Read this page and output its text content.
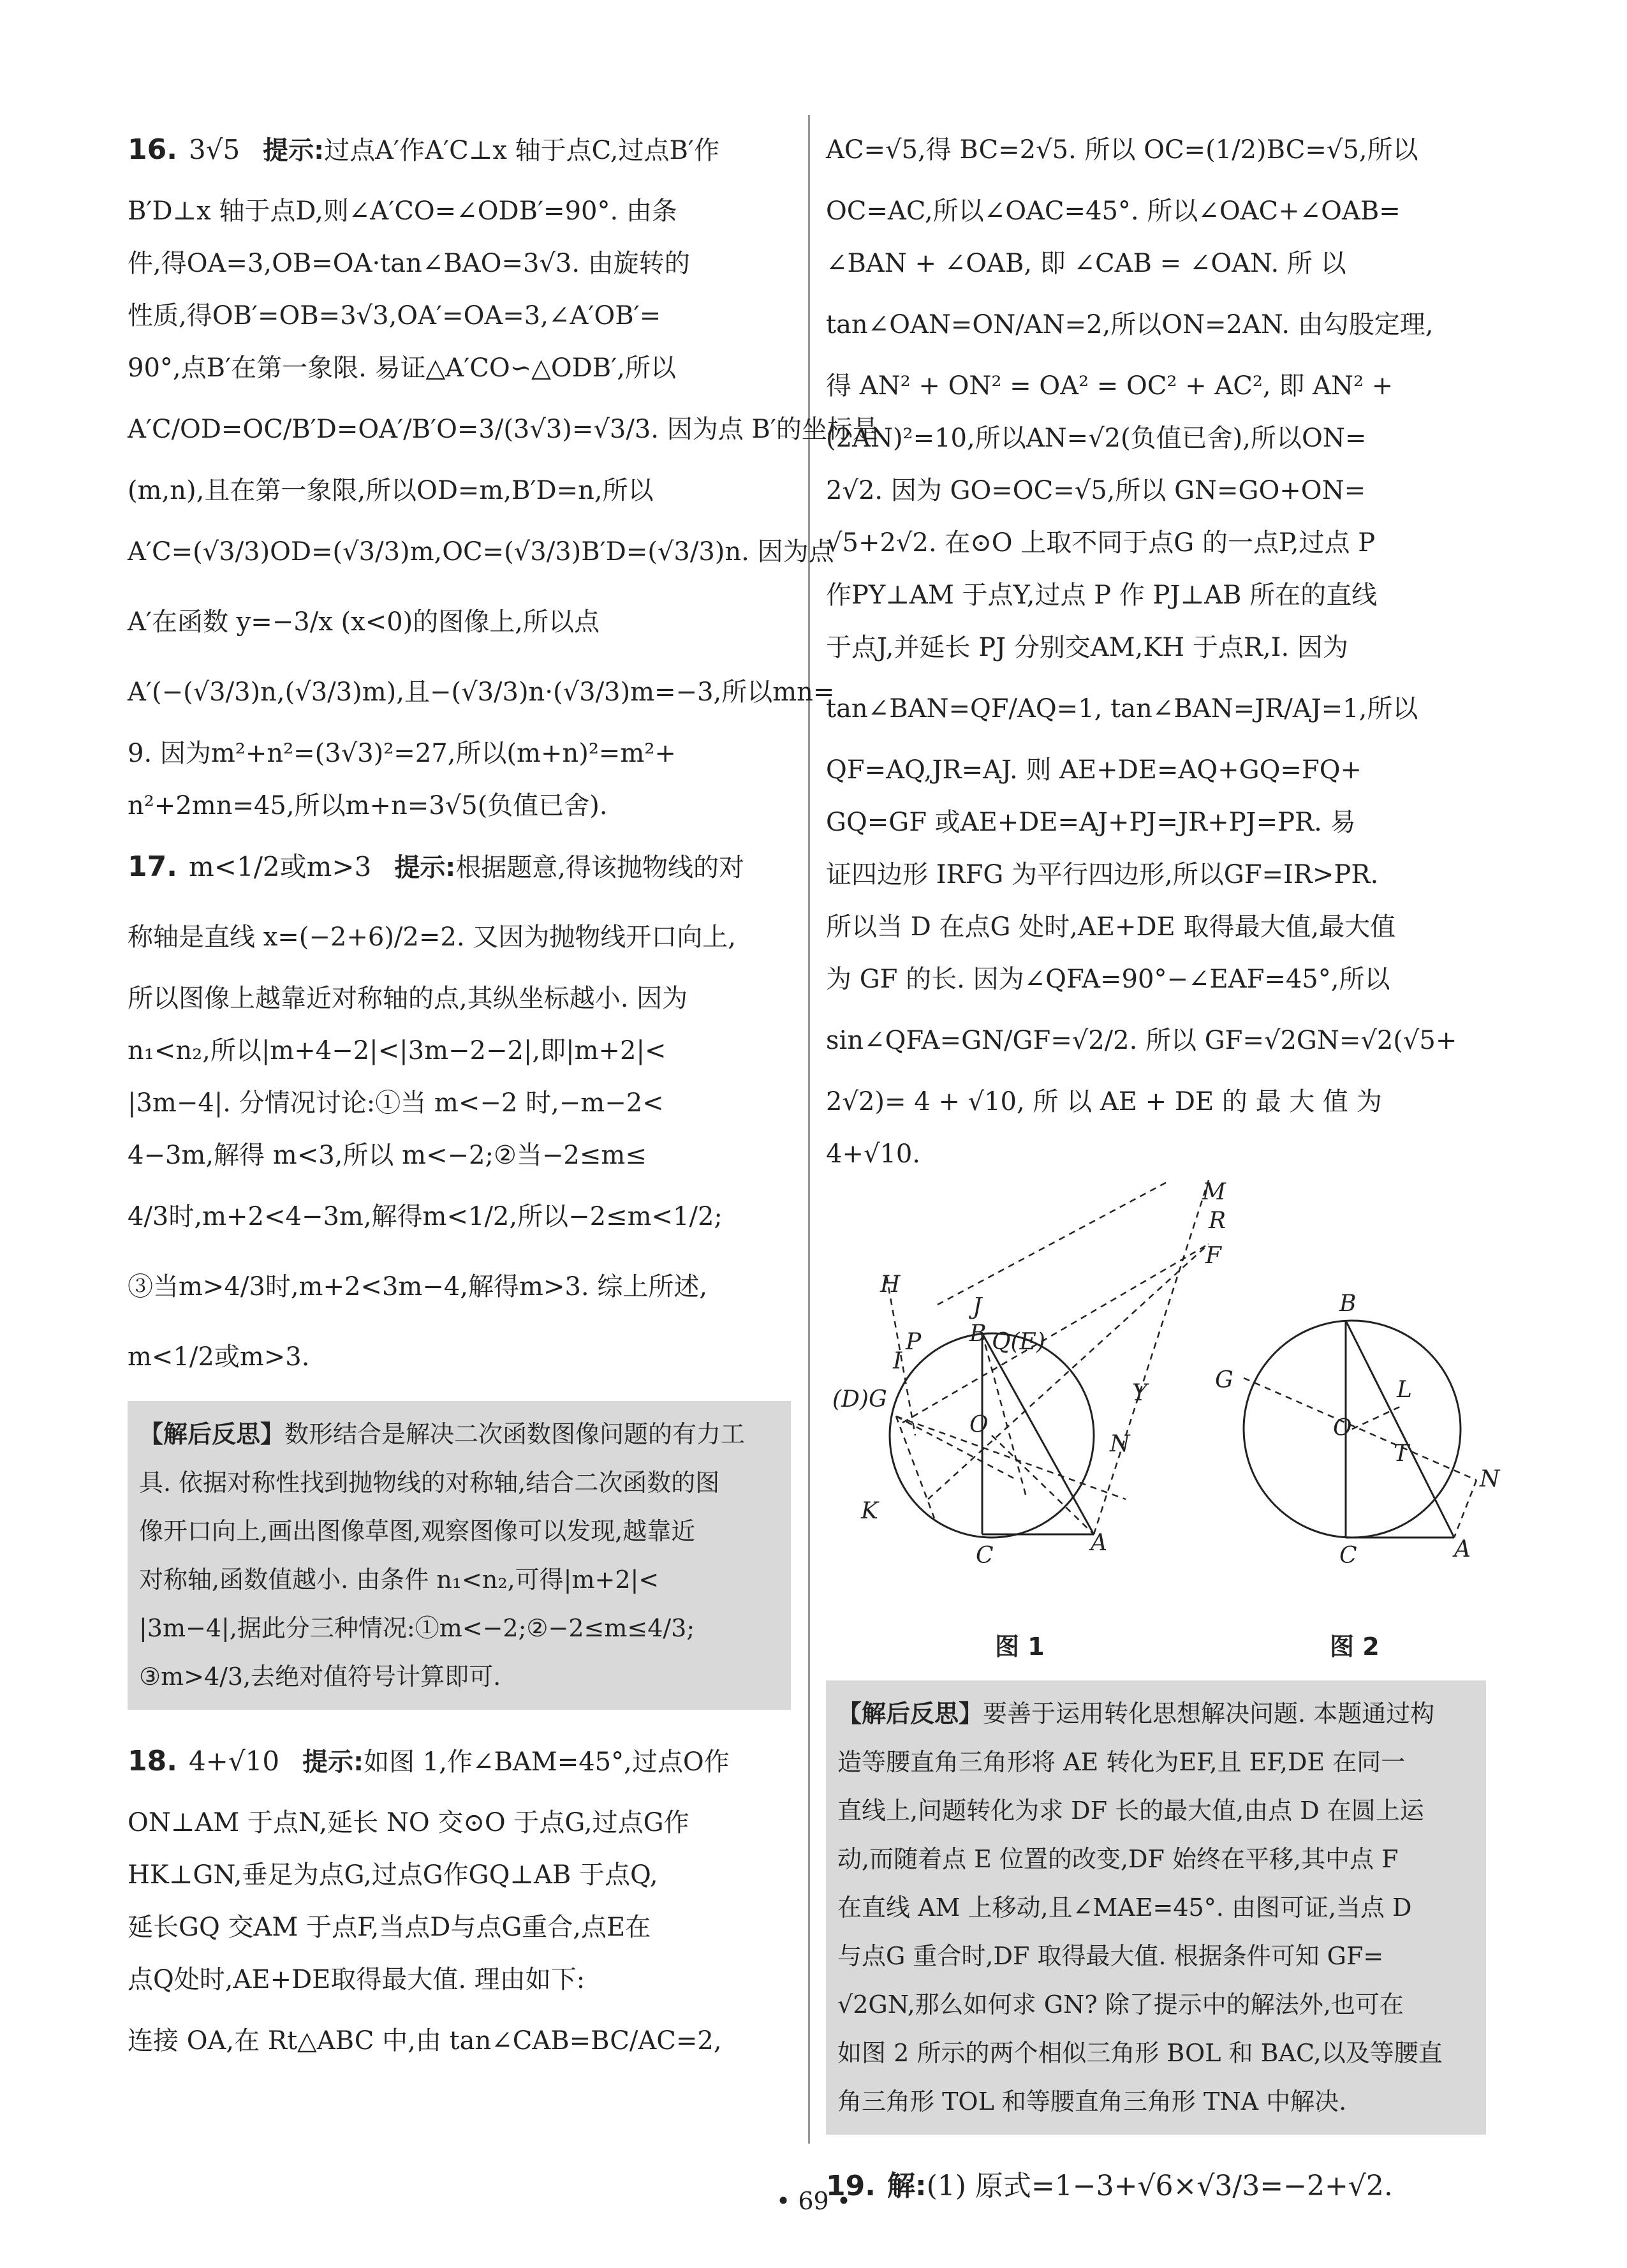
16. 3√5 提示:过点A′作A′C⊥x 轴于点C,过点B′作
B′D⊥x 轴于点D,则∠A′CO=∠ODB′=90°. 由条
件,得OA=3,OB=OA·tan∠BAO=3√3. 由旋转的
性质,得OB′=OB=3√3,OA′=OA=3,∠A′OB′=
90°,点B′在第一象限. 易证△A′CO∽△ODB′,所以
A′C/OD=OC/B′D=OA′/B′O=3/(3√3)=√3/3. 因为点 B′的坐标是
(m,n),且在第一象限,所以OD=m,B′D=n,所以
A′C=(√3/3)OD=(√3/3)m,OC=(√3/3)B′D=(√3/3)n. 因为点
A′在函数 y=−3/x (x<0)的图像上,所以点
A′(−(√3/3)n,(√3/3)m),且−(√3/3)n·(√3/3)m=−3,所以mn=
9. 因为m²+n²=(3√3)²=27,所以(m+n)²=m²+
n²+2mn=45,所以m+n=3√5(负值已舍).
17. m<1/2或m>3 提示:根据题意,得该抛物线的对
称轴是直线 x=(−2+6)/2=2. 又因为抛物线开口向上,
所以图像上越靠近对称轴的点,其纵坐标越小. 因为
n₁<n₂,所以|m+4−2|<|3m−2−2|,即|m+2|<
|3m−4|. 分情况讨论:①当 m<−2 时,−m−2<
4−3m,解得 m<3,所以 m<−2;②当−2≤m≤
4/3时,m+2<4−3m,解得m<1/2,所以−2≤m<1/2;
③当m>4/3时,m+2<3m−4,解得m>3. 综上所述,
m<1/2或m>3.
【解后反思】数形结合是解决二次函数图像问题的有力工
具. 依据对称性找到抛物线的对称轴,结合二次函数的图
像开口向上,画出图像草图,观察图像可以发现,越靠近
对称轴,函数值越小. 由条件 n₁<n₂,可得|m+2|<
|3m−4|,据此分三种情况:①m<−2;②−2≤m≤4/3;
③m>4/3,去绝对值符号计算即可.
18. 4+√10 提示:如图 1,作∠BAM=45°,过点O作
ON⊥AM 于点N,延长 NO 交⊙O 于点G,过点G作
HK⊥GN,垂足为点G,过点G作GQ⊥AB 于点Q,
延长GQ 交AM 于点F,当点D与点G重合,点E在
点Q处时,AE+DE取得最大值. 理由如下:
连接 OA,在 Rt△ABC 中,由 tan∠CAB=BC/AC=2,
AC=√5,得 BC=2√5. 所以 OC=(1/2)BC=√5,所以
OC=AC,所以∠OAC=45°. 所以∠OAC+∠OAB=
∠BAN + ∠OAB, 即 ∠CAB = ∠OAN. 所 以
tan∠OAN=ON/AN=2,所以ON=2AN. 由勾股定理,
得 AN² + ON² = OA² = OC² + AC², 即 AN² +
(2AN)²=10,所以AN=√2(负值已舍),所以ON=
2√2. 因为 GO=OC=√5,所以 GN=GO+ON=
√5+2√2. 在⊙O 上取不同于点G 的一点P,过点 P
作PY⊥AM 于点Y,过点 P 作 PJ⊥AB 所在的直线
于点J,并延长 PJ 分别交AM,KH 于点R,I. 因为
tan∠BAN=QF/AQ=1, tan∠BAN=JR/AJ=1,所以
QF=AQ,JR=AJ. 则 AE+DE=AQ+GQ=FQ+
GQ=GF 或AE+DE=AJ+PJ=JR+PJ=PR. 易
证四边形 IRFG 为平行四边形,所以GF=IR>PR.
所以当 D 在点G 处时,AE+DE 取得最大值,最大值
为 GF 的长. 因为∠QFA=90°−∠EAF=45°,所以
sin∠QFA=GN/GF=√2/2. 所以 GF=√2GN=√2(√5+
2√2)= 4 + √10, 所 以 AE + DE 的 最 大 值 为
4+√10.
M
R
F
H
J
P B Q(E)
I
(D)G	Y
O
N
K
C	A
B
G	L
O
T
N
C	A
图 1	图 2
【解后反思】要善于运用转化思想解决问题. 本题通过构
造等腰直角三角形将 AE 转化为EF,且 EF,DE 在同一
直线上,问题转化为求 DF 长的最大值,由点 D 在圆上运
动,而随着点 E 位置的改变,DF 始终在平移,其中点 F
在直线 AM 上移动,且∠MAE=45°. 由图可证,当点 D
与点G 重合时,DF 取得最大值. 根据条件可知 GF=
√2GN,那么如何求 GN? 除了提示中的解法外,也可在
如图 2 所示的两个相似三角形 BOL 和 BAC,以及等腰直
角三角形 TOL 和等腰直角三角形 TNA 中解决.
19. 解:(1) 原式=1−3+√6×√3/3=−2+√2.
• 69 •
